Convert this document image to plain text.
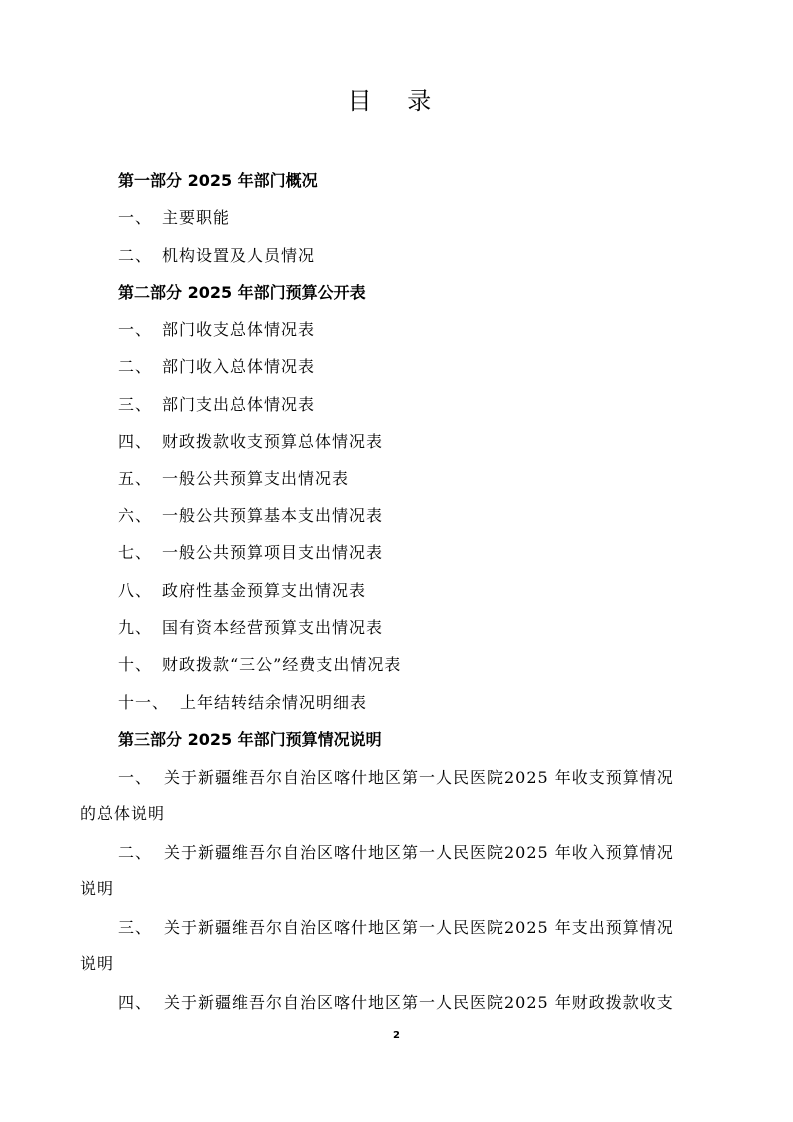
目 录
第一部分 2025 年部门概况
一、 主要职能
二、 机构设置及人员情况
第二部分 2025 年部门预算公开表
一、 部门收支总体情况表
二、 部门收入总体情况表
三、 部门支出总体情况表
四、 财政拨款收支预算总体情况表
五、 一般公共预算支出情况表
六、 一般公共预算基本支出情况表
七、 一般公共预算项目支出情况表
八、 政府性基金预算支出情况表
九、 国有资本经营预算支出情况表
十、 财政拨款“三公”经费支出情况表
十一、 上年结转结余情况明细表
第三部分 2025 年部门预算情况说明
一、 关于新疆维吾尔自治区喀什地区第一人民医院2025 年收支预算情况
的总体说明
二、 关于新疆维吾尔自治区喀什地区第一人民医院2025 年收入预算情况
说明
三、 关于新疆维吾尔自治区喀什地区第一人民医院2025 年支出预算情况
说明
四、 关于新疆维吾尔自治区喀什地区第一人民医院2025 年财政拨款收支
2
